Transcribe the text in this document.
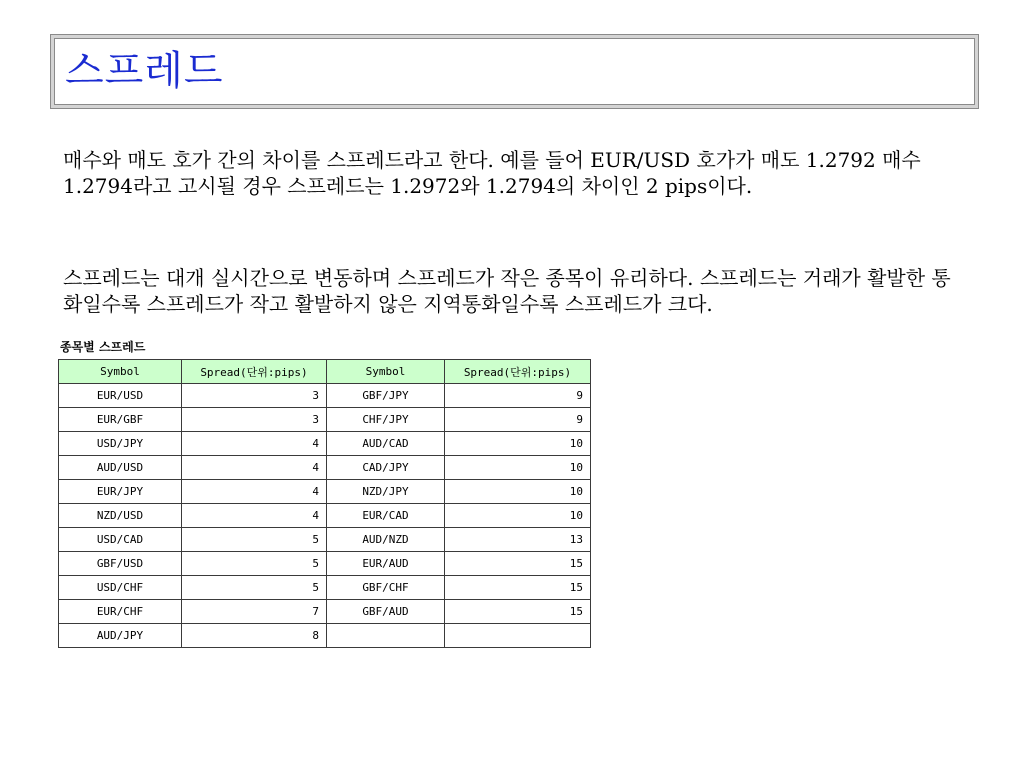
스프레드

매수와 매도 호가 간의 차이를 스프레드라고 한다. 예를 들어 EUR/USD 호가가 매도 1.2792 매수 1.2794라고 고시될 경우 스프레드는 1.2972와 1.2794의 차이인 2 pips이다.

스프레드는 대개 실시간으로 변동하며 스프레드가 작은 종목이 유리하다. 스프레드는 거래가 활발한 통화일수록 스프레드가 작고 활발하지 않은 지역통화일수록 스프레드가 크다.

종목별 스프레드
Symbol	Spread(단위:pips)	Symbol	Spread(단위:pips)
EUR/USD	3	GBF/JPY	9
EUR/GBF	3	CHF/JPY	9
USD/JPY	4	AUD/CAD	10
AUD/USD	4	CAD/JPY	10
EUR/JPY	4	NZD/JPY	10
NZD/USD	4	EUR/CAD	10
USD/CAD	5	AUD/NZD	13
GBF/USD	5	EUR/AUD	15
USD/CHF	5	GBF/CHF	15
EUR/CHF	7	GBF/AUD	15
AUD/JPY	8		
